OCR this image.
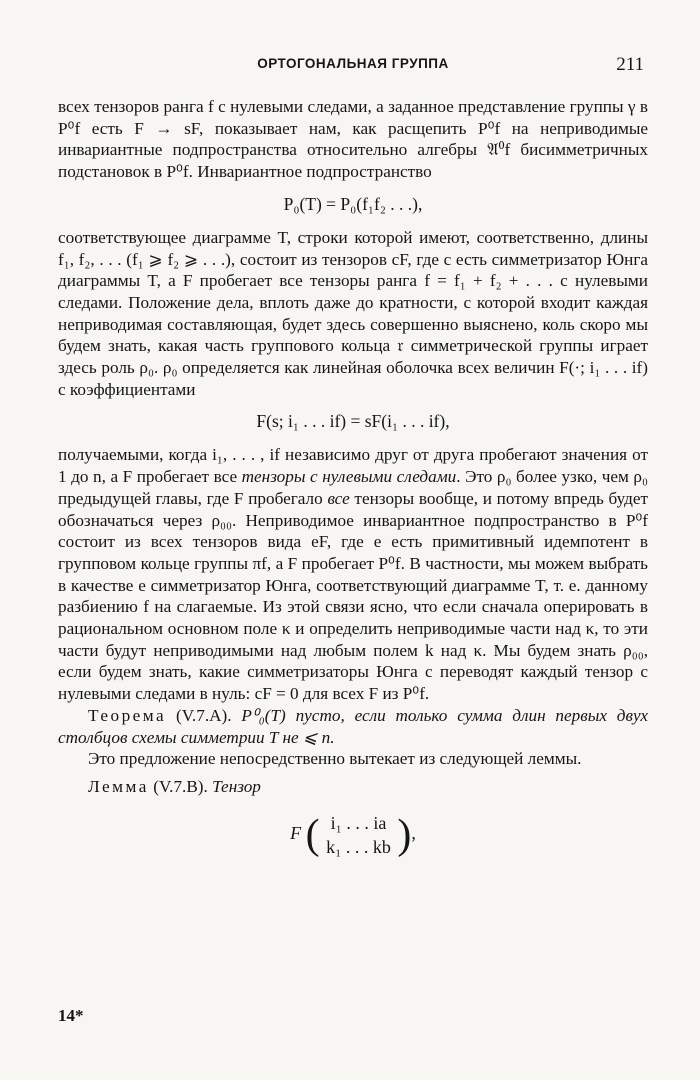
ОРТОГОНАЛЬНАЯ ГРУППА	211

всех тензоров ранга f с нулевыми следами, а заданное представление группы γ в P⁰f есть F → sF, показывает нам, как расщепить P⁰f на неприводимые инвариантные подпространства относительно алгебры 𝔄⁰f бисимметричных подстановок в P⁰f. Инвариантное подпространство

P₀(T) = P₀(f₁f₂ . . .),

соответствующее диаграмме T, строки которой имеют, соответственно, длины f₁, f₂, . . . (f₁ ⩾ f₂ ⩾ . . .), состоит из тензоров cF, где c есть симметризатор Юнга диаграммы T, а F пробегает все тензоры ранга f = f₁ + f₂ + . . . с нулевыми следами. Положение дела, вплоть даже до кратности, с которой входит каждая неприводимая составляющая, будет здесь совершенно выяснено, коль скоро мы будем знать, какая часть группового кольца 𝔯 симметрической группы играет здесь роль ρ₀. ρ₀ определяется как линейная оболочка всех величин F(·; i₁ . . . if) с коэффициентами

F(s; i₁ . . . if) = sF(i₁ . . . if),

получаемыми, когда i₁, . . . , if независимо друг от друга пробегают значения от 1 до n, а F пробегает все тензоры с нулевыми следами. Это ρ₀ более узко, чем ρ₀ предыдущей главы, где F пробегало все тензоры вообще, и потому впредь будет обозначаться через ρ₀₀. Неприводимое инвариантное подпространство в P⁰f состоит из всех тензоров вида eF, где e есть примитивный идемпотент в групповом кольце группы πf, а F пробегает P⁰f. В частности, мы можем выбрать в качестве e симметризатор Юнга, соответствующий диаграмме T, т. е. данному разбиению f на слагаемые. Из этой связи ясно, что если сначала оперировать в рациональном основном поле κ и определить неприводимые части над κ, то эти части будут неприводимыми над любым полем k над κ. Мы будем знать ρ₀₀, если будем знать, какие симметризаторы Юнга c переводят каждый тензор с нулевыми следами в нуль: cF = 0 для всех F из P⁰f.

Теорема (V.7.A). P⁰₀(T) пусто, если только сумма длин первых двух столбцов схемы симметрии T не ⩽ n.

Это предложение непосредственно вытекает из следующей леммы.

Лемма (V.7.B). Тензор

F ( i₁ . . . ia
k₁ . . . kb ),
14*
